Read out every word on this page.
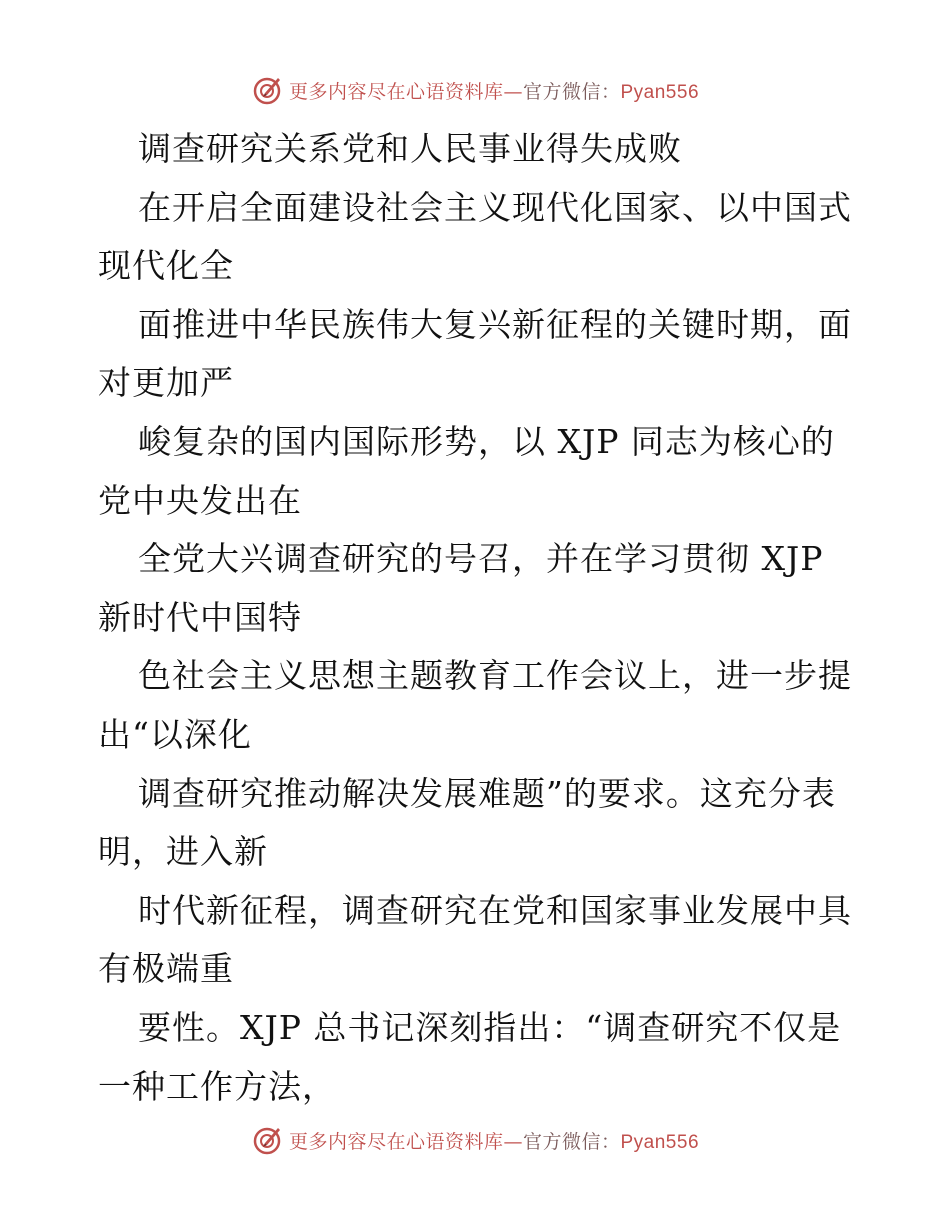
更多内容尽在心语资料库—官方微信：Pyan556
调查研究关系党和人民事业得失成败
在开启全面建设社会主义现代化国家、以中国式
现代化全
面推进中华民族伟大复兴新征程的关键时期，面
对更加严
峻复杂的国内国际形势，以 XJP 同志为核心的
党中央发出在
全党大兴调查研究的号召，并在学习贯彻 XJP
新时代中国特
色社会主义思想主题教育工作会议上，进一步提
出“以深化
调查研究推动解决发展难题”的要求。这充分表
明，进入新
时代新征程，调查研究在党和国家事业发展中具
有极端重
要性。XJP 总书记深刻指出：“调查研究不仅是
一种工作方法，
更多内容尽在心语资料库—官方微信：Pyan556
